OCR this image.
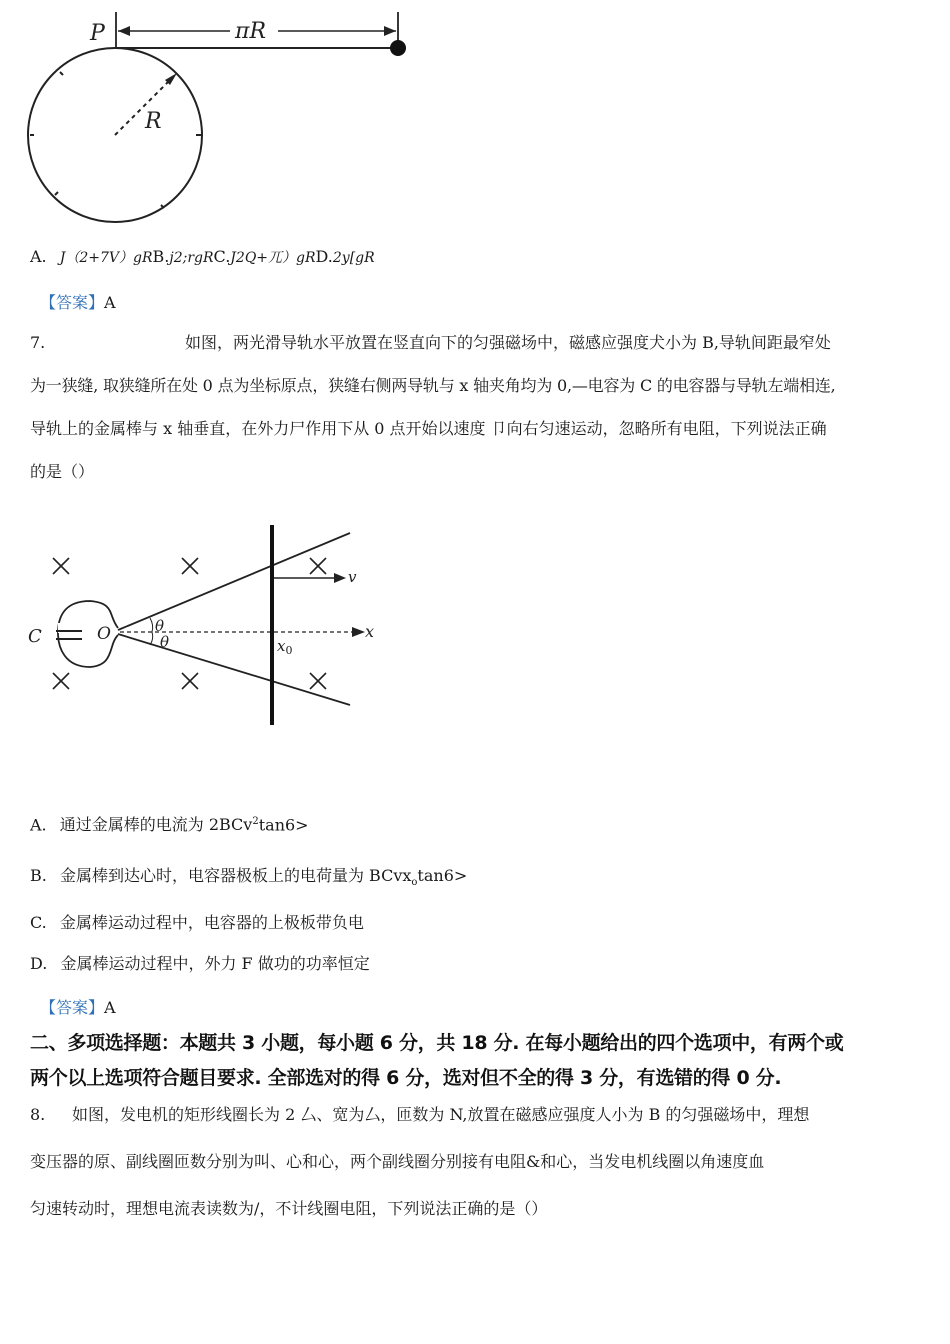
πR
P
R
A. J（2+7V）gRB.j2;rgRC.J2Q+兀）gRD.2y[gR
【答案】A
7.	如图，两光滑导轨水平放置在竖直向下的匀强磁场中，磁感应强度犬小为 B,导轨间距最窄处
为一狭缝, 取狭缝所在处 0 点为坐标原点，狭缝右侧两导轨与 x 轴夹角均为 0,—电容为 C 的电容器与导轨左端相连,
导轨上的金属棒与 x 轴垂直，在外力尸作用下从 0 点开始以速度 ⼙向右匀速运动，忽略所有电阻，下列说法正确
的是（）
C	x
O	θ
θ
v
$x_0$
A. 通过金属棒的电流为 2BCv$^2$tan6>
B. 金属棒到达心时，电容器极板上的电荷量为 BCvx$_o$tan6>
C. 金属棒运动过程中，电容器的上极板带负电
D. 金属棒运动过程中，外力 F 做功的功率恒定
【答案】A
二、多项选择题：本题共 3 小题，每小题 6 分，共 18 分. 在每小题给出的四个选项中，有两个或
两个以上选项符合题目要求. 全部选对的得 6 分，选对但不全的得 3 分，有选错的得 0 分.
8. 如图，发电机的矩形线圈长为 2 厶、宽为厶，匝数为 N,放置在磁感应强度人小为 B 的匀强磁场中，理想
变压器的原、副线圈匝数分别为叫、心和心，两个副线圈分别接有电阻&和心，当发电机线圈以角速度血
匀速转动时，理想电流表读数为/，不计线圈电阻，下列说法正确的是（）
